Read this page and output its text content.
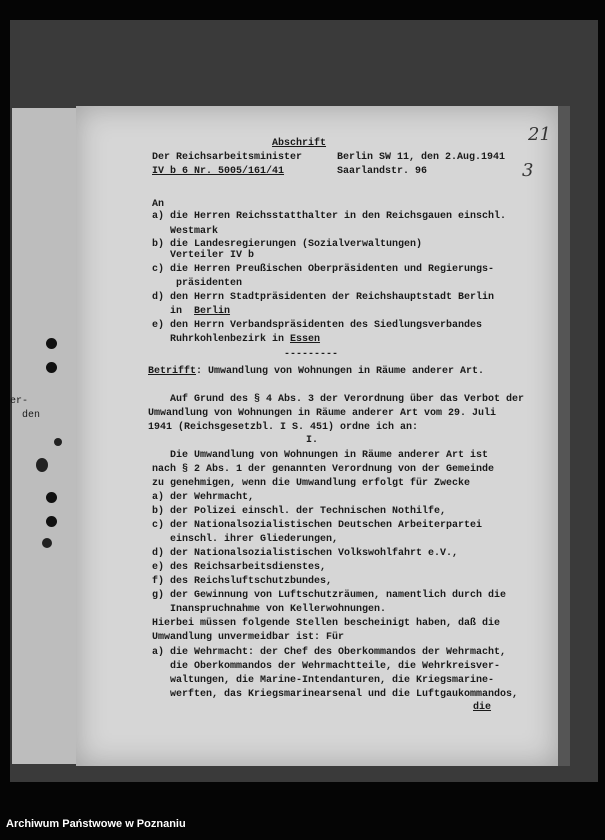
er-
den
Abschrift
Der Reichsarbeitsminister
IV b 6 Nr. 5005/161/41
Berlin SW 11, den 2.Aug.1941
Saarlandstr. 96
21
3
An
a) die Herren Reichsstatthalter in den Reichsgauen einschl.
Westmark
b) die Landesregierungen (Sozialverwaltungen)
Verteiler IV b
c) die Herren Preußischen Oberpräsidenten und Regierungs-
präsidenten
d) den Herrn Stadtpräsidenten der Reichshauptstadt Berlin
in Berlin
e) den Herrn Verbandspräsidenten des Siedlungsverbandes
Ruhrkohlenbezirk in Essen
---------
Betrifft : Umwandlung von Wohnungen in Räume anderer Art.
Auf Grund des § 4 Abs. 3 der Verordnung über das Verbot der
Umwandlung von Wohnungen in Räume anderer Art vom 29. Juli
1941 (Reichsgesetzbl. I S. 451) ordne ich an:
I.
Die Umwandlung von Wohnungen in Räume anderer Art ist
nach § 2 Abs. 1 der genannten Verordnung von der Gemeinde
zu genehmigen, wenn die Umwandlung erfolgt für Zwecke
a) der Wehrmacht,
b) der Polizei einschl. der Technischen Nothilfe,
c) der Nationalsozialistischen Deutschen Arbeiterpartei
einschl. ihrer Gliederungen,
d) der Nationalsozialistischen Volkswohlfahrt e.V.,
e) des Reichsarbeitsdienstes,
f) des Reichsluftschutzbundes,
g) der Gewinnung von Luftschutzräumen, namentlich durch die
Inanspruchnahme von Kellerwohnungen.
Hierbei müssen folgende Stellen bescheinigt haben, daß die
Umwandlung unvermeidbar ist: Für
a) die Wehrmacht: der Chef des Oberkommandos der Wehrmacht,
die Oberkommandos der Wehrmachtteile, die Wehrkreisver-
waltungen, die Marine-Intendanturen, die Kriegsmarine-
werften, das Kriegsmarinearsenal und die Luftgaukommandos,
die
Archiwum Państwowe w Poznaniu
